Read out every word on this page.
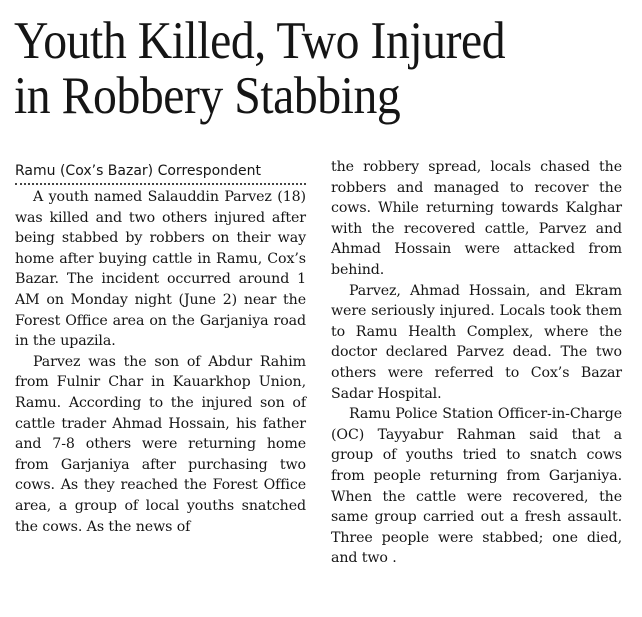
Youth Killed, Two Injured
in Robbery Stabbing
Ramu (Cox’s Bazar) Correspondent

A youth named Salauddin Parvez (18) was killed and two others injured after being stabbed by robbers on their way home after buying cattle in Ramu, Cox’s Bazar. The incident occurred around 1 AM on Monday night (June 2) near the Forest Office area on the Garjaniya road in the upazila.

Parvez was the son of Abdur Rahim from Fulnir Char in Kauarkhop Union, Ramu. According to the injured son of cattle trader Ahmad Hossain, his father and 7-8 others were returning home from Garjaniya after purchasing two cows. As they reached the Forest Office area, a group of local youths snatched the cows. As the news of

the robbery spread, locals chased the robbers and managed to recover the cows. While returning towards Kalghar with the recovered cattle, Parvez and Ahmad Hossain were attacked from behind.

Parvez, Ahmad Hossain, and Ekram were seriously injured. Locals took them to Ramu Health Complex, where the doctor declared Parvez dead. The two others were referred to Cox’s Bazar Sadar Hospital.

Ramu Police Station Officer-in-Charge (OC) Tayyabur Rahman said that a group of youths tried to snatch cows from people returning from Garjaniya. When the cattle were recovered, the same group carried out a fresh assault. Three people were stabbed; one died, and two .
